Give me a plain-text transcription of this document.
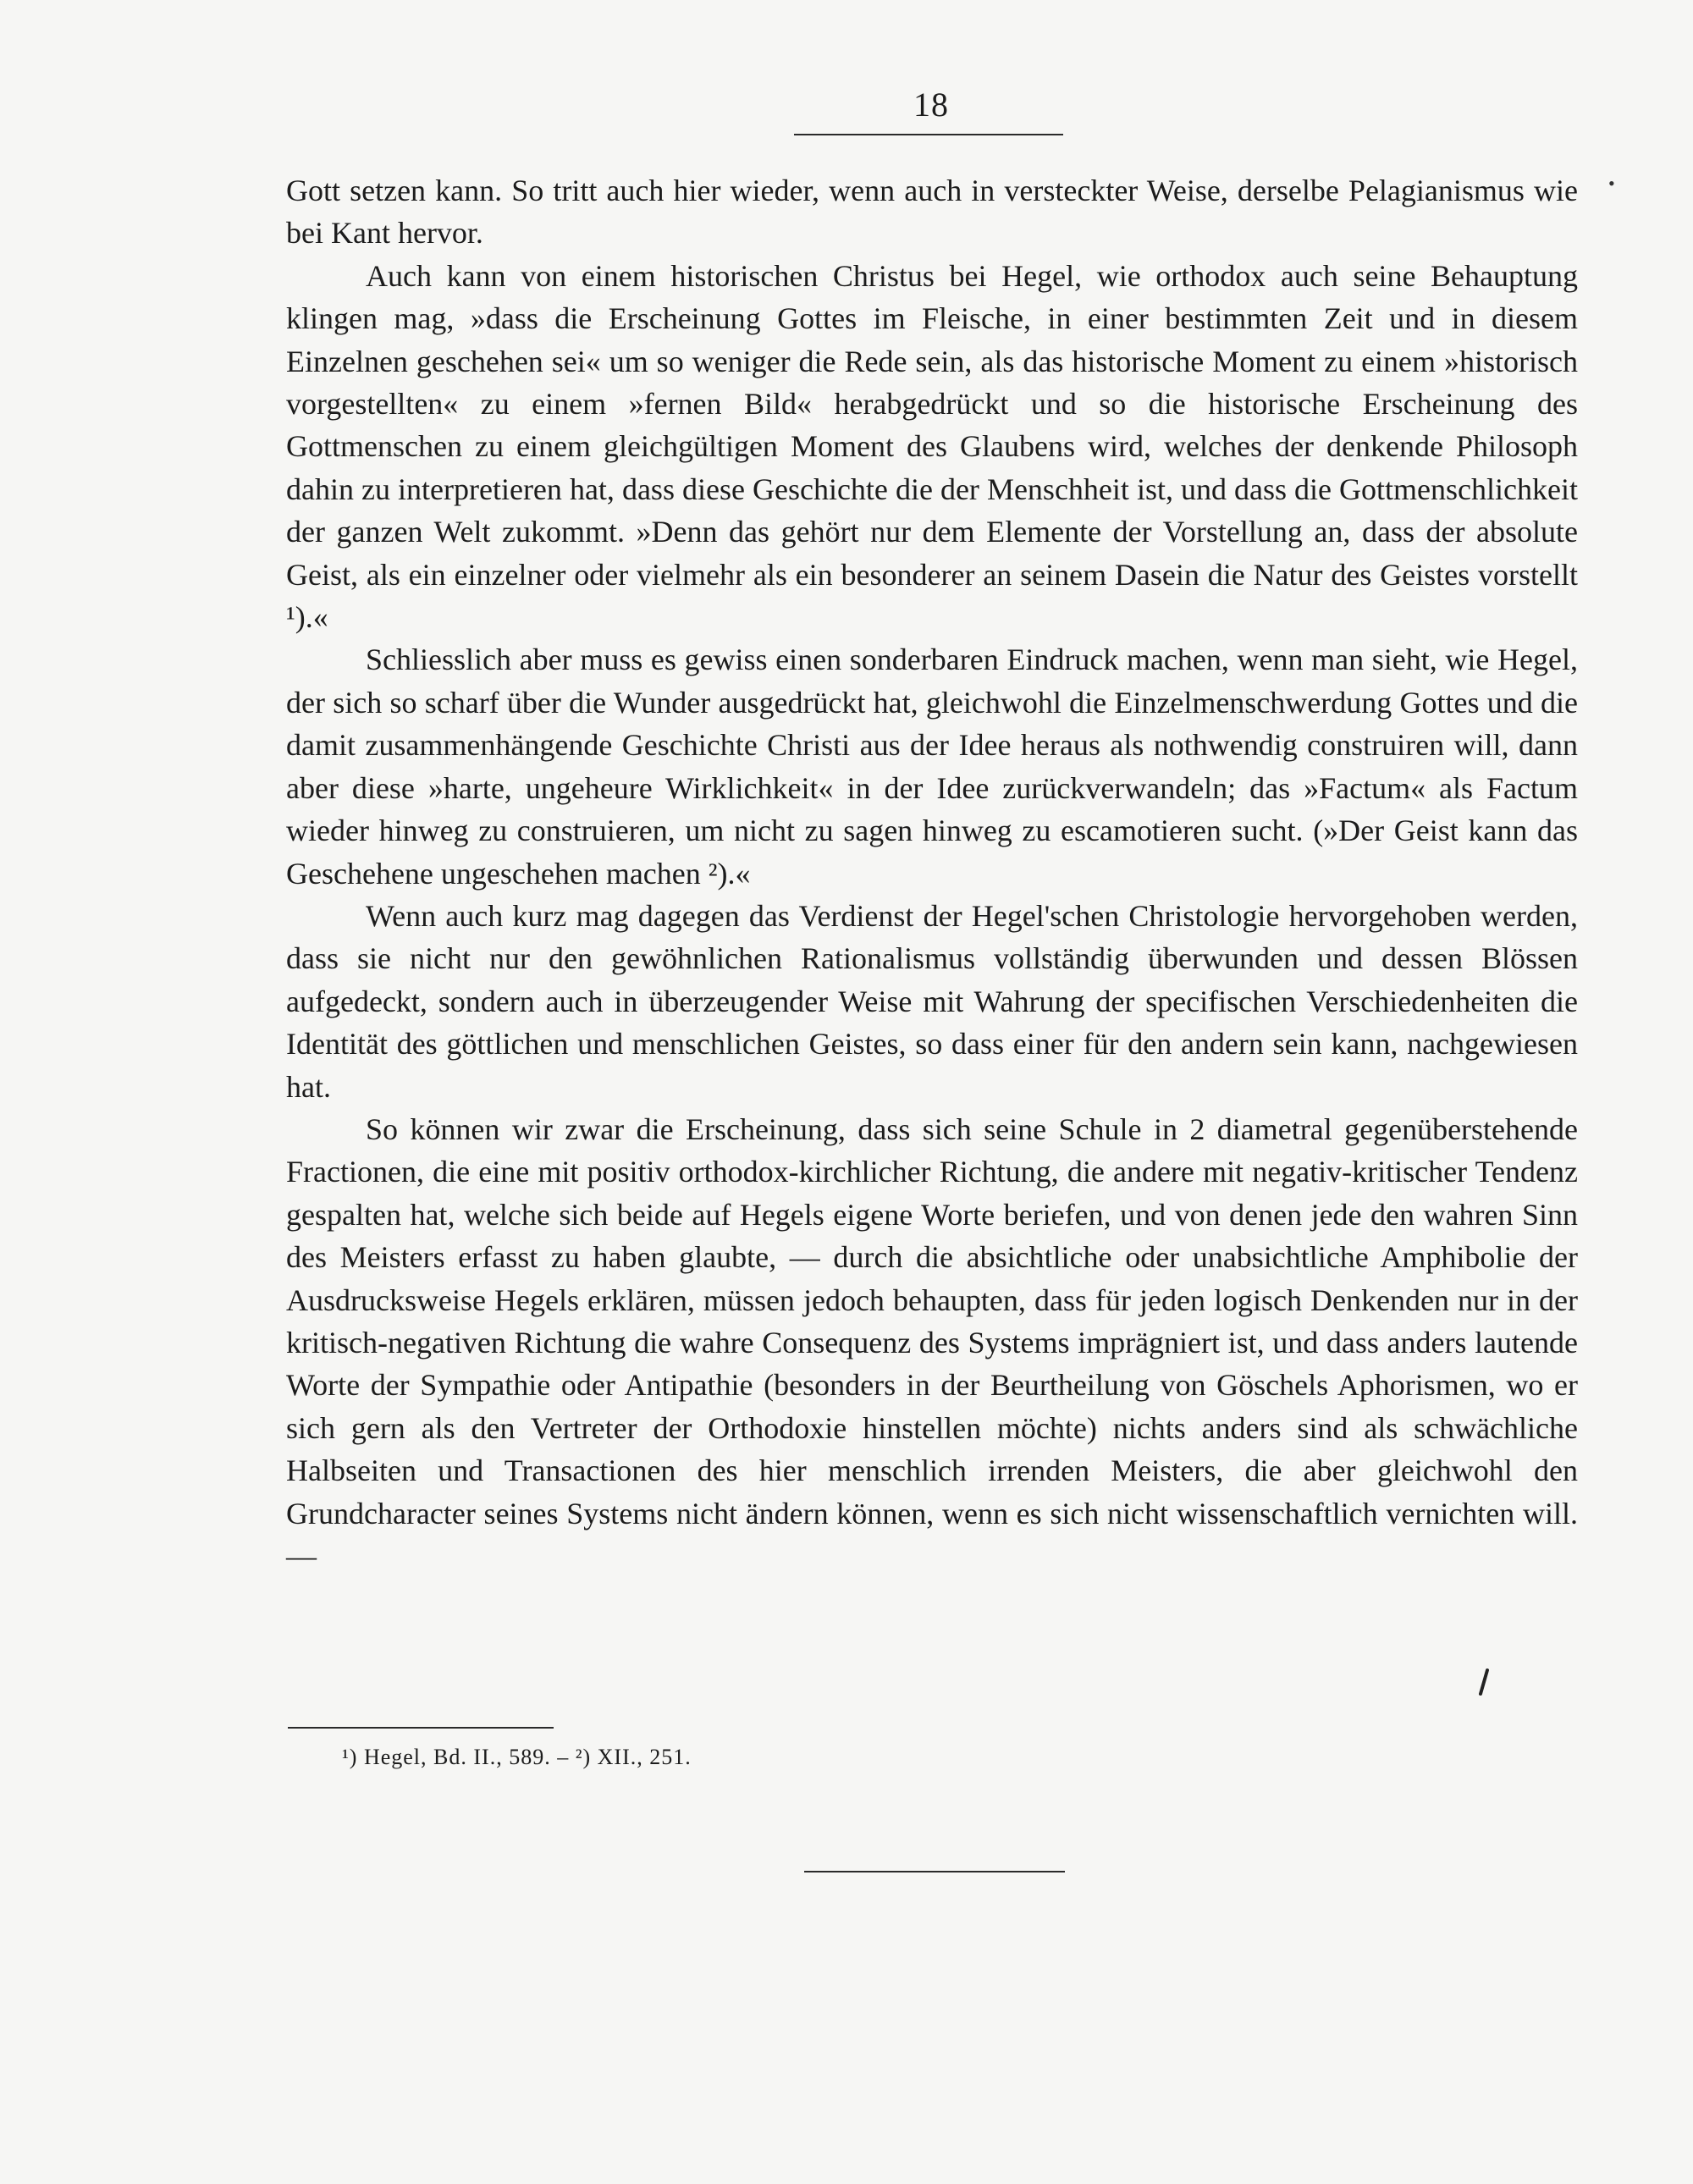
18
•

Gott setzen kann. So tritt auch hier wieder, wenn auch in versteckter Weise, derselbe Pelagianismus wie bei Kant hervor.

Auch kann von einem historischen Christus bei Hegel, wie orthodox auch seine Behauptung klingen mag, »dass die Erscheinung Gottes im Fleische, in einer bestimmten Zeit und in diesem Einzelnen geschehen sei« um so weniger die Rede sein, als das historische Moment zu einem »historisch vorgestellten« zu einem »fernen Bild« herabgedrückt und so die historische Erscheinung des Gottmenschen zu einem gleichgültigen Moment des Glaubens wird, welches der denkende Philosoph dahin zu interpretieren hat, dass diese Geschichte die der Menschheit ist, und dass die Gottmenschlichkeit der ganzen Welt zukommt. »Denn das gehört nur dem Elemente der Vorstellung an, dass der absolute Geist, als ein einzelner oder vielmehr als ein besonderer an seinem Dasein die Natur des Geistes vorstellt ¹).«

Schliesslich aber muss es gewiss einen sonderbaren Eindruck machen, wenn man sieht, wie Hegel, der sich so scharf über die Wunder ausgedrückt hat, gleichwohl die Einzelmenschwerdung Gottes und die damit zusammenhängende Geschichte Christi aus der Idee heraus als nothwendig construiren will, dann aber diese »harte, ungeheure Wirklichkeit« in der Idee zurückverwandeln; das »Factum« als Factum wieder hinweg zu construieren, um nicht zu sagen hinweg zu escamotieren sucht. (»Der Geist kann das Geschehene ungeschehen machen ²).«

Wenn auch kurz mag dagegen das Verdienst der Hegel'schen Christologie hervorgehoben werden, dass sie nicht nur den gewöhnlichen Rationalismus vollständig überwunden und dessen Blössen aufgedeckt, sondern auch in überzeugender Weise mit Wahrung der specifischen Verschiedenheiten die Identität des göttlichen und menschlichen Geistes, so dass einer für den andern sein kann, nachgewiesen hat.

So können wir zwar die Erscheinung, dass sich seine Schule in 2 diametral gegenüberstehende Fractionen, die eine mit positiv orthodox-kirchlicher Richtung, die andere mit negativ-kritischer Tendenz gespalten hat, welche sich beide auf Hegels eigene Worte beriefen, und von denen jede den wahren Sinn des Meisters erfasst zu haben glaubte, — durch die absichtliche oder unabsichtliche Amphibolie der Ausdrucksweise Hegels erklären, müssen jedoch behaupten, dass für jeden logisch Denkenden nur in der kritisch-negativen Richtung die wahre Consequenz des Systems imprägniert ist, und dass anders lautende Worte der Sympathie oder Antipathie (besonders in der Beurtheilung von Göschels Aphorismen, wo er sich gern als den Vertreter der Orthodoxie hinstellen möchte) nichts anders sind als schwächliche Halbseiten und Transactionen des hier menschlich irrenden Meisters, die aber gleichwohl den Grundcharacter seines Systems nicht ändern können, wenn es sich nicht wissenschaftlich vernichten will. —

¹) Hegel, Bd. II., 589. – ²) XII., 251.
